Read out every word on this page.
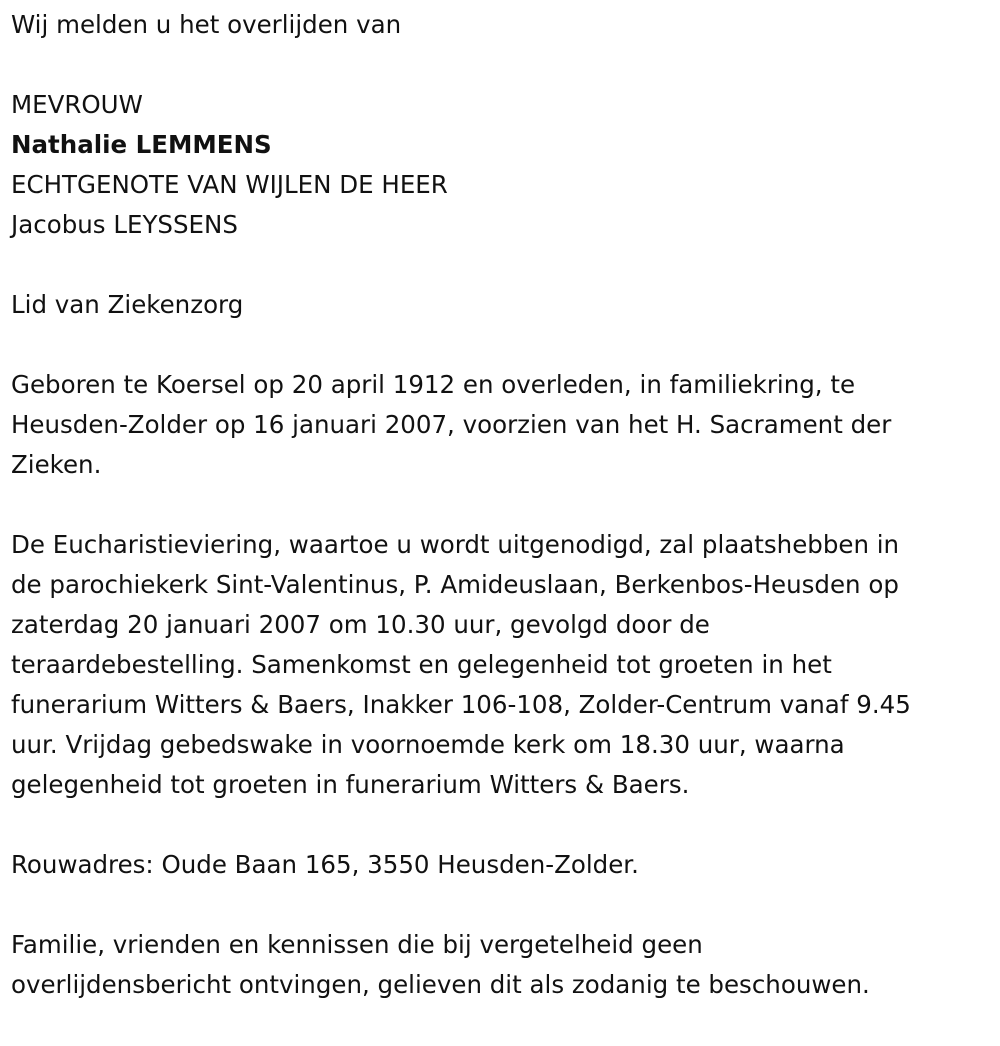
Wij melden u het overlijden van
MEVROUW
Nathalie LEMMENS
ECHTGENOTE VAN WIJLEN DE HEER
Jacobus LEYSSENS
Lid van Ziekenzorg
Geboren te Koersel op 20 april 1912 en overleden, in familiekring, te
Heusden-Zolder op 16 januari 2007, voorzien van het H. Sacrament der
Zieken.
De Eucharistieviering, waartoe u wordt uitgenodigd, zal plaatshebben in
de parochiekerk Sint-Valentinus, P. Amideuslaan, Berkenbos-Heusden op
zaterdag 20 januari 2007 om 10.30 uur, gevolgd door de
teraardebestelling. Samenkomst en gelegenheid tot groeten in het
funerarium Witters & Baers, Inakker 106-108, Zolder-Centrum vanaf 9.45
uur. Vrijdag gebedswake in voornoemde kerk om 18.30 uur, waarna
gelegenheid tot groeten in funerarium Witters & Baers.
Rouwadres: Oude Baan 165, 3550 Heusden-Zolder.
Familie, vrienden en kennissen die bij vergetelheid geen
overlijdensbericht ontvingen, gelieven dit als zodanig te beschouwen.
